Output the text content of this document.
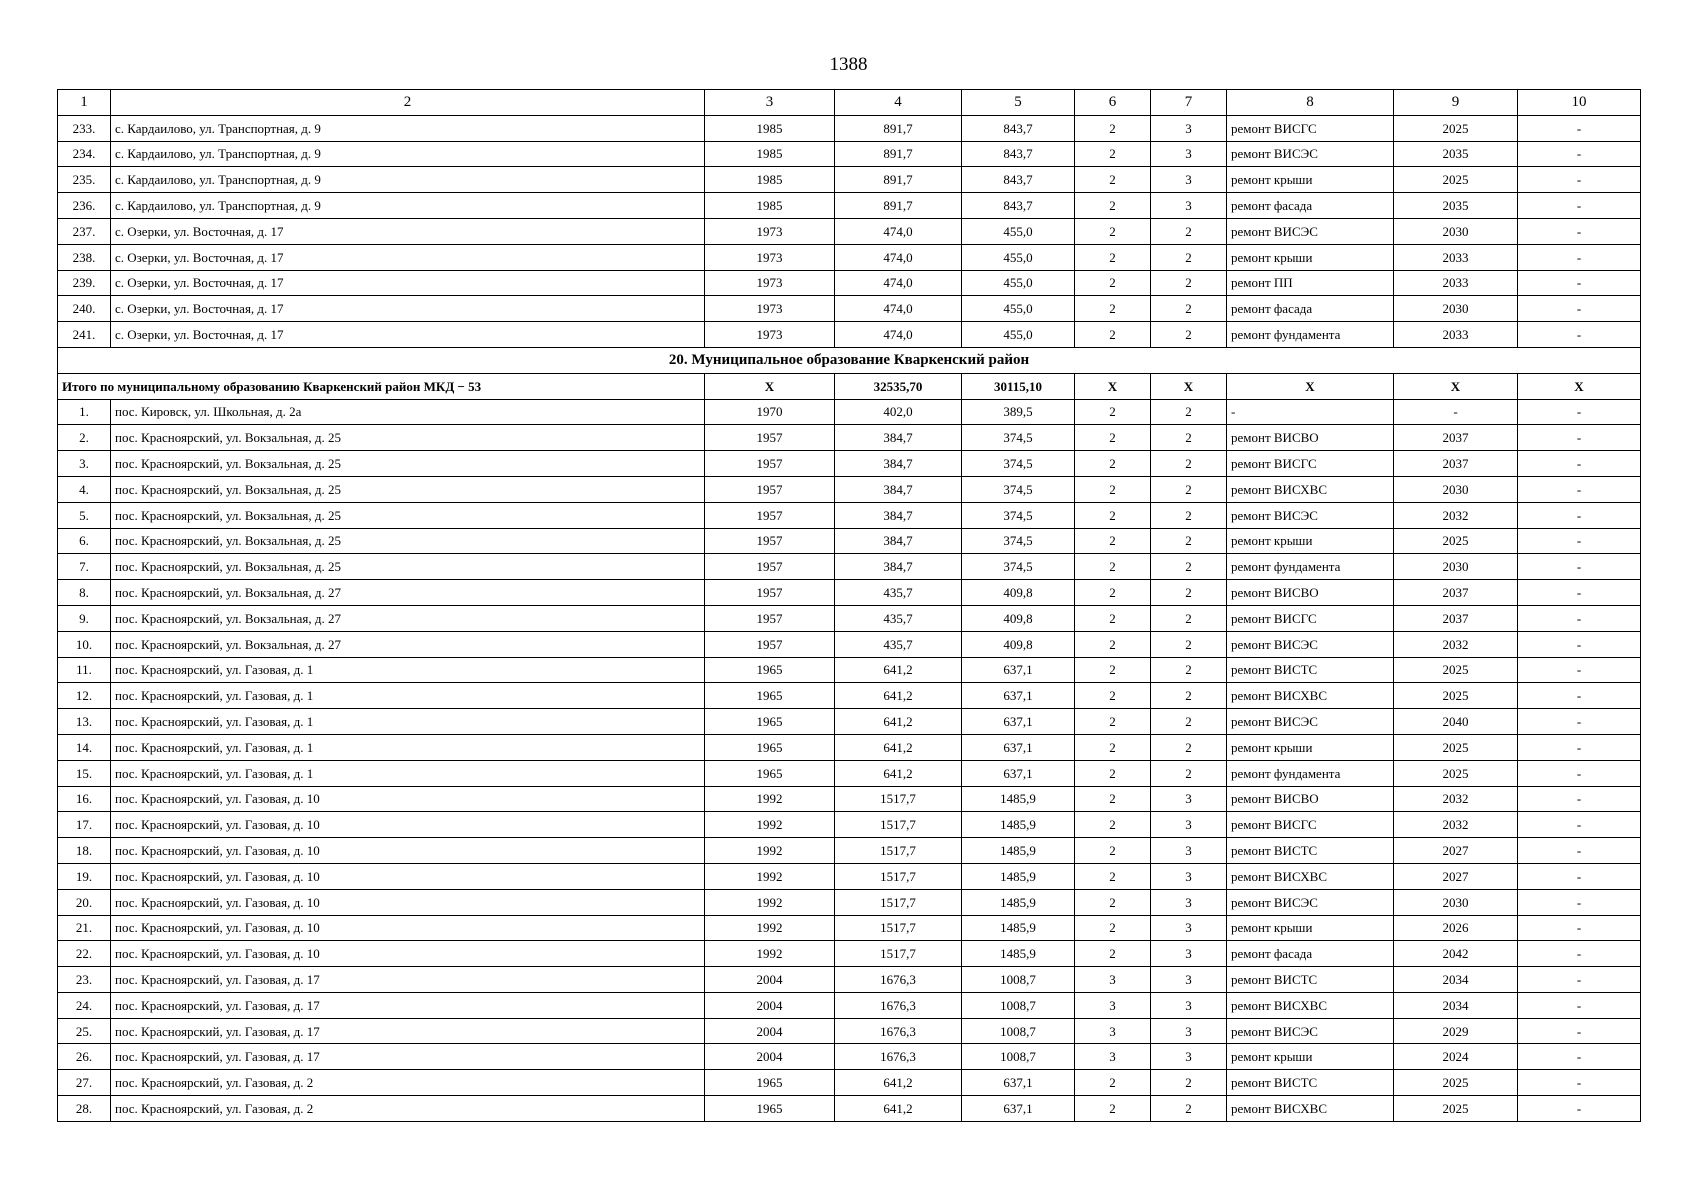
1388
1	2	3	4	5	6	7	8	9	10
233.	с. Кардаилово, ул. Транспортная, д. 9	1985	891,7	843,7	2	3	ремонт ВИСГС	2025	-
234.	с. Кардаилово, ул. Транспортная, д. 9	1985	891,7	843,7	2	3	ремонт ВИСЭС	2035	-
235.	с. Кардаилово, ул. Транспортная, д. 9	1985	891,7	843,7	2	3	ремонт крыши	2025	-
236.	с. Кардаилово, ул. Транспортная, д. 9	1985	891,7	843,7	2	3	ремонт фасада	2035	-
237.	с. Озерки, ул. Восточная, д. 17	1973	474,0	455,0	2	2	ремонт ВИСЭС	2030	-
238.	с. Озерки, ул. Восточная, д. 17	1973	474,0	455,0	2	2	ремонт крыши	2033	-
239.	с. Озерки, ул. Восточная, д. 17	1973	474,0	455,0	2	2	ремонт ПП	2033	-
240.	с. Озерки, ул. Восточная, д. 17	1973	474,0	455,0	2	2	ремонт фасада	2030	-
241.	с. Озерки, ул. Восточная, д. 17	1973	474,0	455,0	2	2	ремонт фундамента	2033	-
20. Муниципальное образование Кваркенский район									
Итого по муниципальному образованию Кваркенский район МКД − 53		Х	32535,70	30115,10	Х	Х	Х	Х	Х
1.	пос. Кировск, ул. Школьная, д. 2а	1970	402,0	389,5	2	2	-	-	-
2.	пос. Красноярский, ул. Вокзальная, д. 25	1957	384,7	374,5	2	2	ремонт ВИСВО	2037	-
3.	пос. Красноярский, ул. Вокзальная, д. 25	1957	384,7	374,5	2	2	ремонт ВИСГС	2037	-
4.	пос. Красноярский, ул. Вокзальная, д. 25	1957	384,7	374,5	2	2	ремонт ВИСХВС	2030	-
5.	пос. Красноярский, ул. Вокзальная, д. 25	1957	384,7	374,5	2	2	ремонт ВИСЭС	2032	-
6.	пос. Красноярский, ул. Вокзальная, д. 25	1957	384,7	374,5	2	2	ремонт крыши	2025	-
7.	пос. Красноярский, ул. Вокзальная, д. 25	1957	384,7	374,5	2	2	ремонт фундамента	2030	-
8.	пос. Красноярский, ул. Вокзальная, д. 27	1957	435,7	409,8	2	2	ремонт ВИСВО	2037	-
9.	пос. Красноярский, ул. Вокзальная, д. 27	1957	435,7	409,8	2	2	ремонт ВИСГС	2037	-
10.	пос. Красноярский, ул. Вокзальная, д. 27	1957	435,7	409,8	2	2	ремонт ВИСЭС	2032	-
11.	пос. Красноярский, ул. Газовая, д. 1	1965	641,2	637,1	2	2	ремонт ВИСТС	2025	-
12.	пос. Красноярский, ул. Газовая, д. 1	1965	641,2	637,1	2	2	ремонт ВИСХВС	2025	-
13.	пос. Красноярский, ул. Газовая, д. 1	1965	641,2	637,1	2	2	ремонт ВИСЭС	2040	-
14.	пос. Красноярский, ул. Газовая, д. 1	1965	641,2	637,1	2	2	ремонт крыши	2025	-
15.	пос. Красноярский, ул. Газовая, д. 1	1965	641,2	637,1	2	2	ремонт фундамента	2025	-
16.	пос. Красноярский, ул. Газовая, д. 10	1992	1517,7	1485,9	2	3	ремонт ВИСВО	2032	-
17.	пос. Красноярский, ул. Газовая, д. 10	1992	1517,7	1485,9	2	3	ремонт ВИСГС	2032	-
18.	пос. Красноярский, ул. Газовая, д. 10	1992	1517,7	1485,9	2	3	ремонт ВИСТС	2027	-
19.	пос. Красноярский, ул. Газовая, д. 10	1992	1517,7	1485,9	2	3	ремонт ВИСХВС	2027	-
20.	пос. Красноярский, ул. Газовая, д. 10	1992	1517,7	1485,9	2	3	ремонт ВИСЭС	2030	-
21.	пос. Красноярский, ул. Газовая, д. 10	1992	1517,7	1485,9	2	3	ремонт крыши	2026	-
22.	пос. Красноярский, ул. Газовая, д. 10	1992	1517,7	1485,9	2	3	ремонт фасада	2042	-
23.	пос. Красноярский, ул. Газовая, д. 17	2004	1676,3	1008,7	3	3	ремонт ВИСТС	2034	-
24.	пос. Красноярский, ул. Газовая, д. 17	2004	1676,3	1008,7	3	3	ремонт ВИСХВС	2034	-
25.	пос. Красноярский, ул. Газовая, д. 17	2004	1676,3	1008,7	3	3	ремонт ВИСЭС	2029	-
26.	пос. Красноярский, ул. Газовая, д. 17	2004	1676,3	1008,7	3	3	ремонт крыши	2024	-
27.	пос. Красноярский, ул. Газовая, д. 2	1965	641,2	637,1	2	2	ремонт ВИСТС	2025	-
28.	пос. Красноярский, ул. Газовая, д. 2	1965	641,2	637,1	2	2	ремонт ВИСХВС	2025	-
